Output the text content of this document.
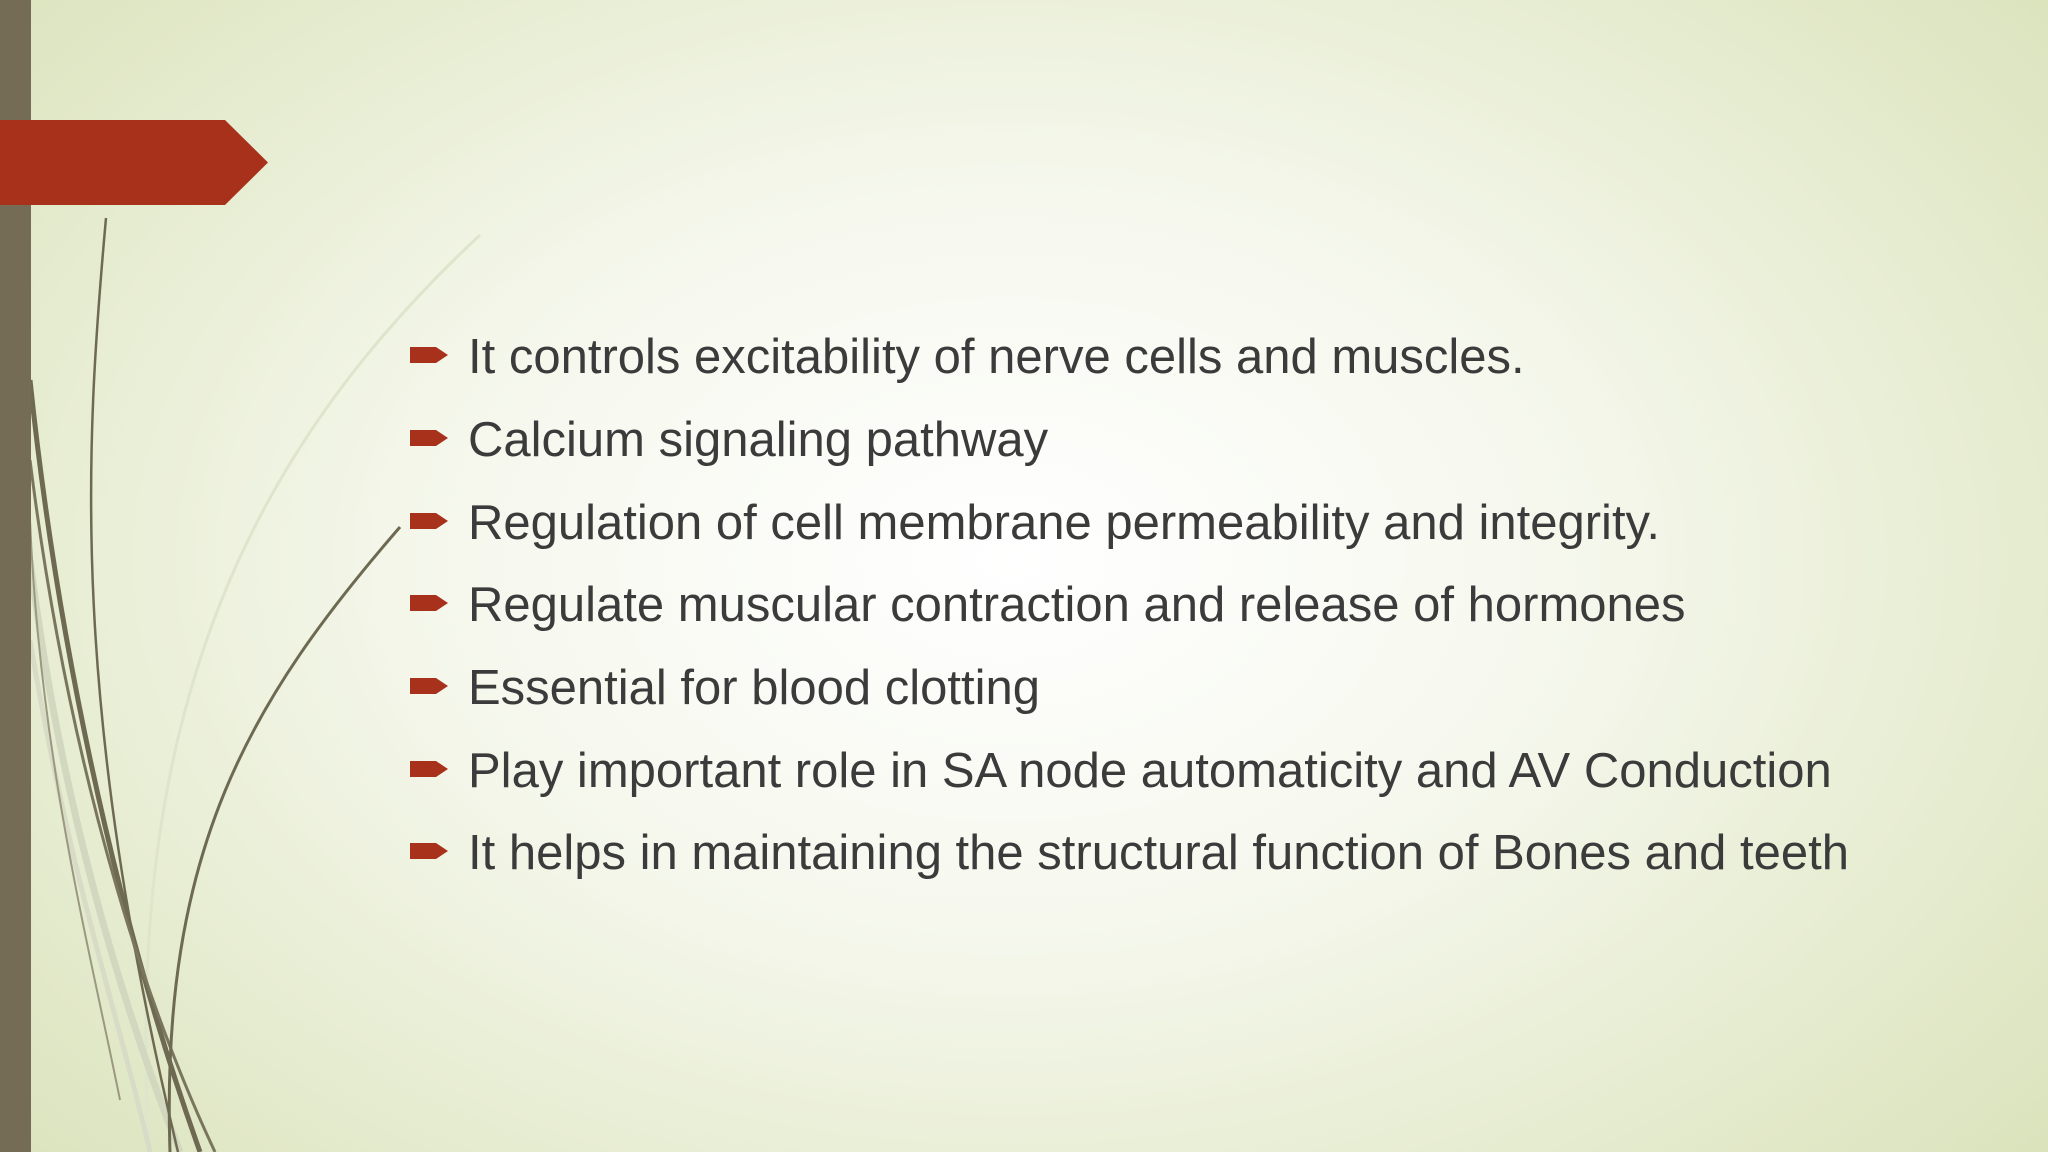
It controls excitability of nerve cells and muscles.
Calcium signaling pathway
Regulation of cell membrane permeability and integrity.
Regulate muscular contraction and release of hormones
Essential for blood clotting
Play important role in SA node automaticity and AV Conduction
It helps in maintaining the structural function of Bones and teeth
